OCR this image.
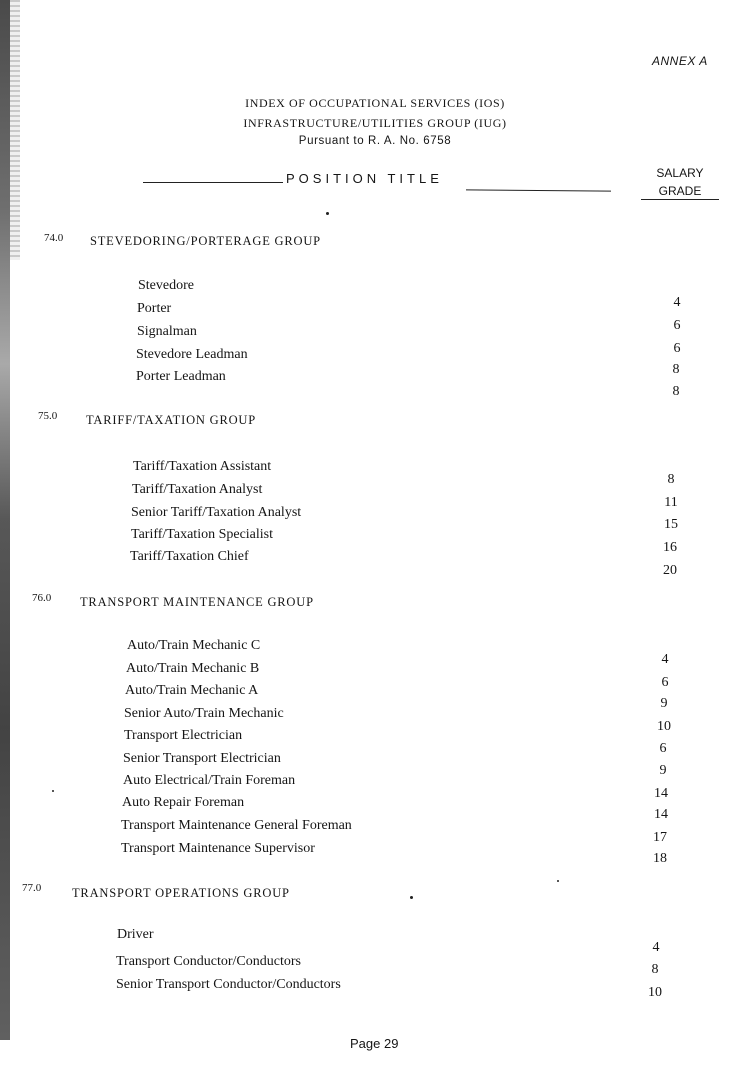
ANNEX A
INDEX OF OCCUPATIONAL SERVICES (IOS)
INFRASTRUCTURE/UTILITIES GROUP (IUG)
Pursuant to R. A. No. 6758
POSITION TITLE	SALARY
GRADE
74.0 STEVEDORING/PORTERAGE GROUP
Stevedore
Porter
Signalman
Stevedore Leadman
Porter Leadman
4
6
6
8
8
75.0 TARIFF/TAXATION GROUP
Tariff/Taxation Assistant
Tariff/Taxation Analyst
Senior Tariff/Taxation Analyst
Tariff/Taxation Specialist
Tariff/Taxation Chief
8
11
15
16
20
76.0 TRANSPORT MAINTENANCE GROUP
Auto/Train Mechanic C
Auto/Train Mechanic B
Auto/Train Mechanic A
Senior Auto/Train Mechanic
Transport Electrician
Senior Transport Electrician
Auto Electrical/Train Foreman
Auto Repair Foreman
Transport Maintenance General Foreman
Transport Maintenance Supervisor
4
6
9
10
6
9
14
14
17
18
77.0 TRANSPORT OPERATIONS GROUP
Driver
Transport Conductor/Conductors
Senior Transport Conductor/Conductors
4
8
10
Page 29
